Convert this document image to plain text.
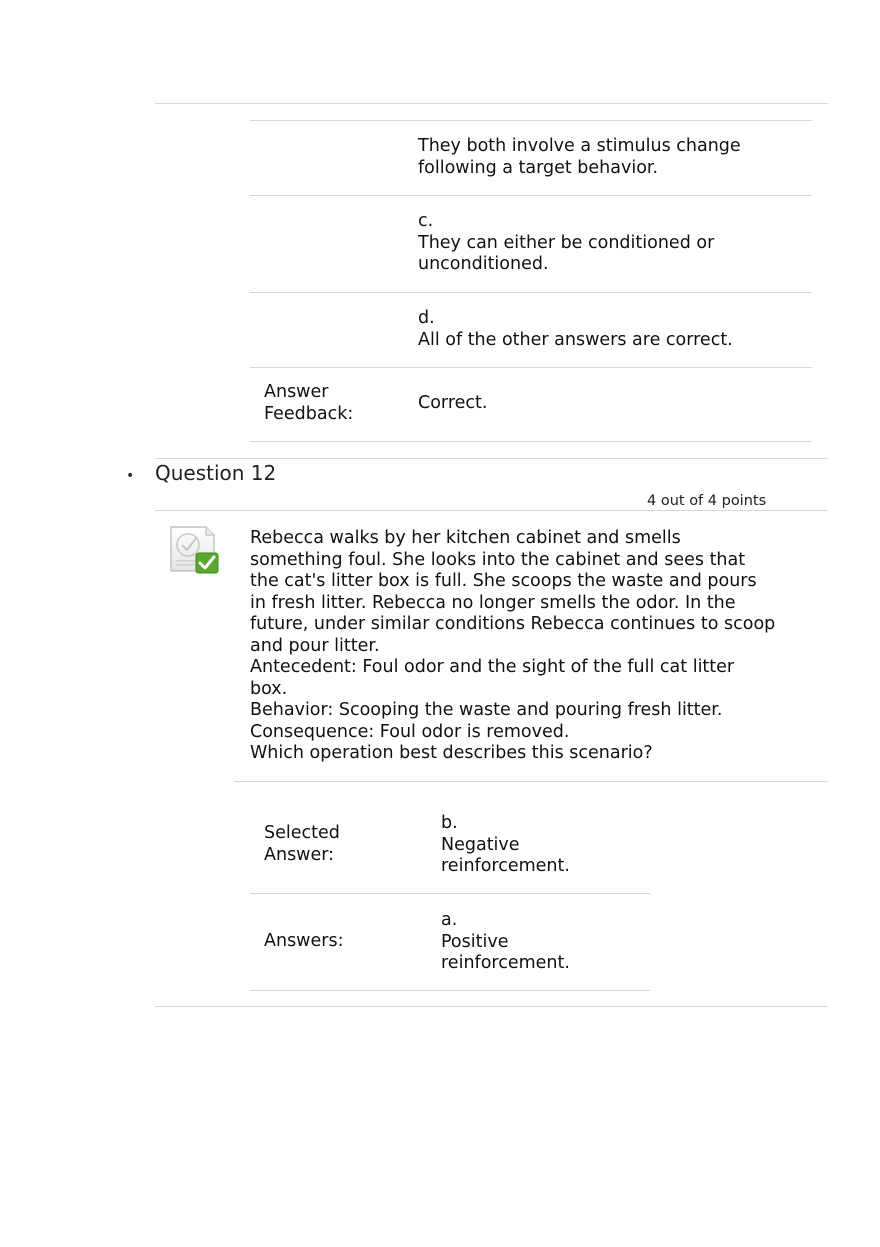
They both involve a stimulus change
following a target behavior.
c.
They can either be conditioned or
unconditioned.
d.
All of the other answers are correct.
Answer
Feedback:
Correct.
• Question 12
4 out of 4 points
Rebecca walks by her kitchen cabinet and smells
something foul. She looks into the cabinet and sees that
the cat's litter box is full. She scoops the waste and pours
in fresh litter. Rebecca no longer smells the odor. In the
future, under similar conditions Rebecca continues to scoop
and pour litter.
Antecedent: Foul odor and the sight of the full cat litter
box.
Behavior: Scooping the waste and pouring fresh litter.
Consequence: Foul odor is removed.
Which operation best describes this scenario?
Selected
Answer:
b.
Negative
reinforcement.
Answers:
a.
Positive
reinforcement.
